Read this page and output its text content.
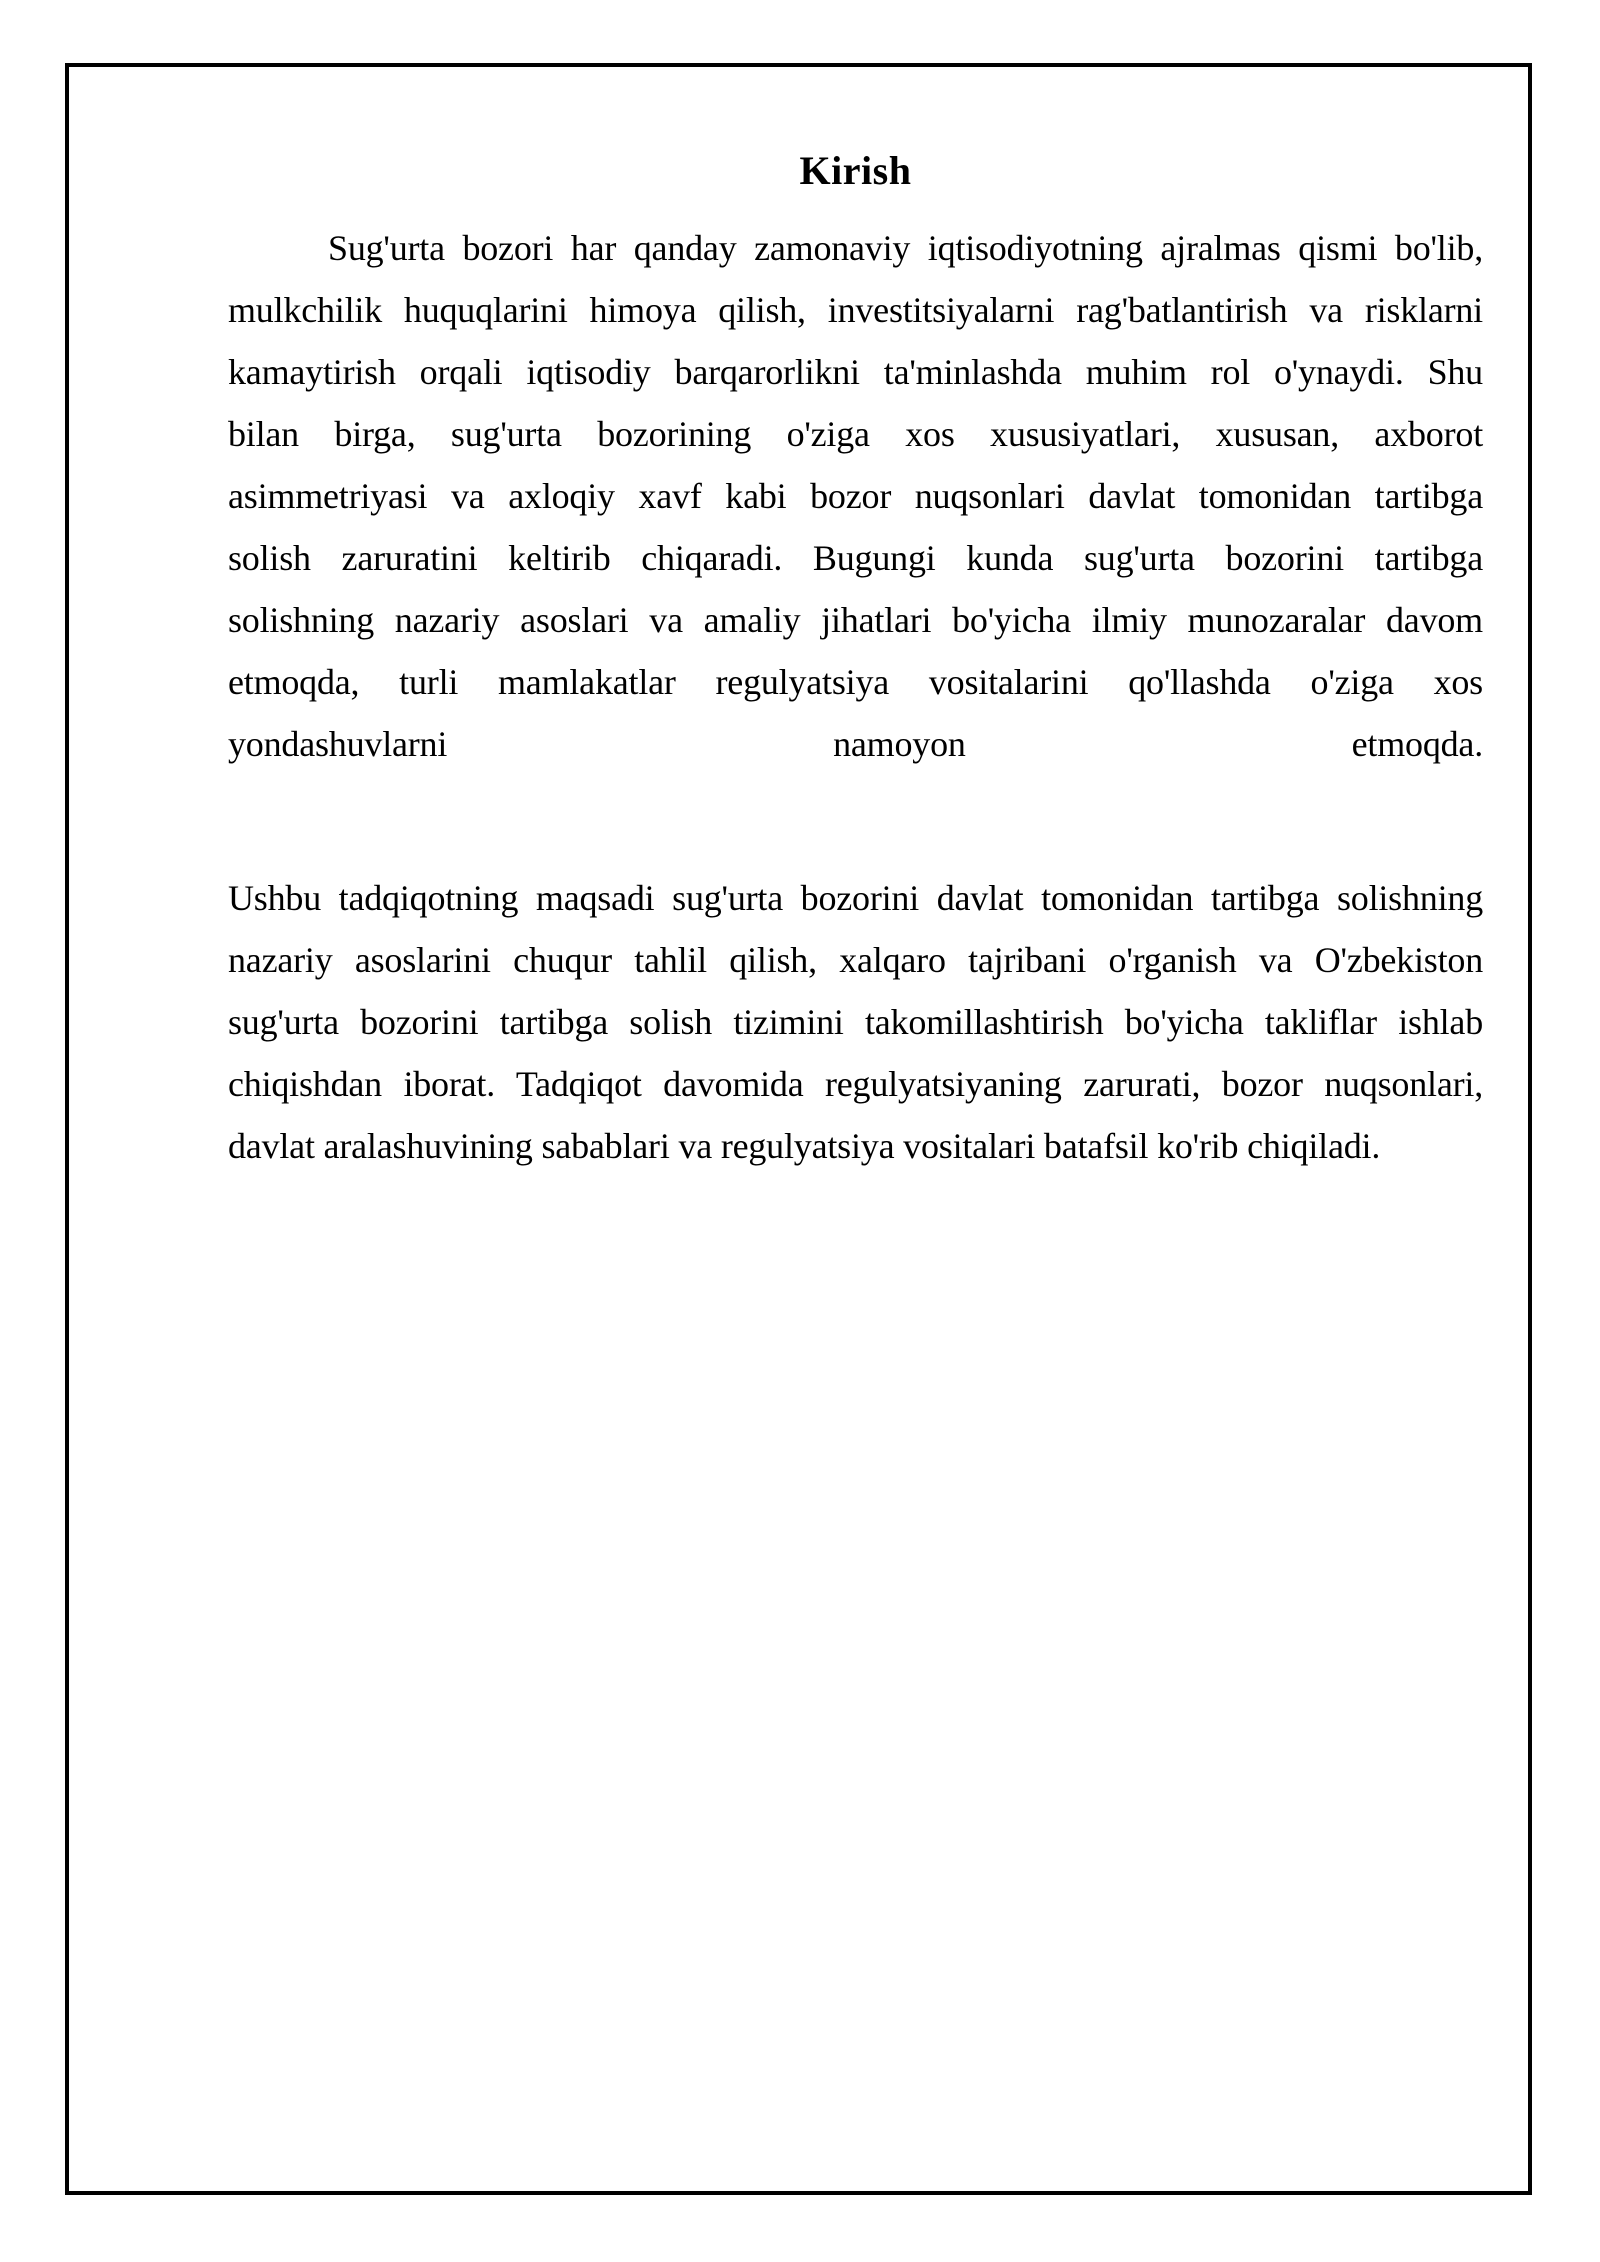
Kirish
Sug'urta bozori har qanday zamonaviy iqtisodiyotning ajralmas qismi bo'lib,
mulkchilik huquqlarini himoya qilish, investitsiyalarni rag'batlantirish va risklarni
kamaytirish orqali iqtisodiy barqarorlikni ta'minlashda muhim rol o'ynaydi. Shu
bilan birga, sug'urta bozorining o'ziga xos xususiyatlari, xususan, axborot
asimmetriyasi va axloqiy xavf kabi bozor nuqsonlari davlat tomonidan tartibga
solish zaruratini keltirib chiqaradi. Bugungi kunda sug'urta bozorini tartibga
solishning nazariy asoslari va amaliy jihatlari bo'yicha ilmiy munozaralar davom
etmoqda, turli mamlakatlar regulyatsiya vositalarini qo'llashda o'ziga xos
yondashuvlarni namoyon etmoqda.
Ushbu tadqiqotning maqsadi sug'urta bozorini davlat tomonidan tartibga solishning
nazariy asoslarini chuqur tahlil qilish, xalqaro tajribani o'rganish va O'zbekiston
sug'urta bozorini tartibga solish tizimini takomillashtirish bo'yicha takliflar ishlab
chiqishdan iborat. Tadqiqot davomida regulyatsiyaning zarurati, bozor nuqsonlari,
davlat aralashuvining sabablari va regulyatsiya vositalari batafsil ko'rib chiqiladi.
